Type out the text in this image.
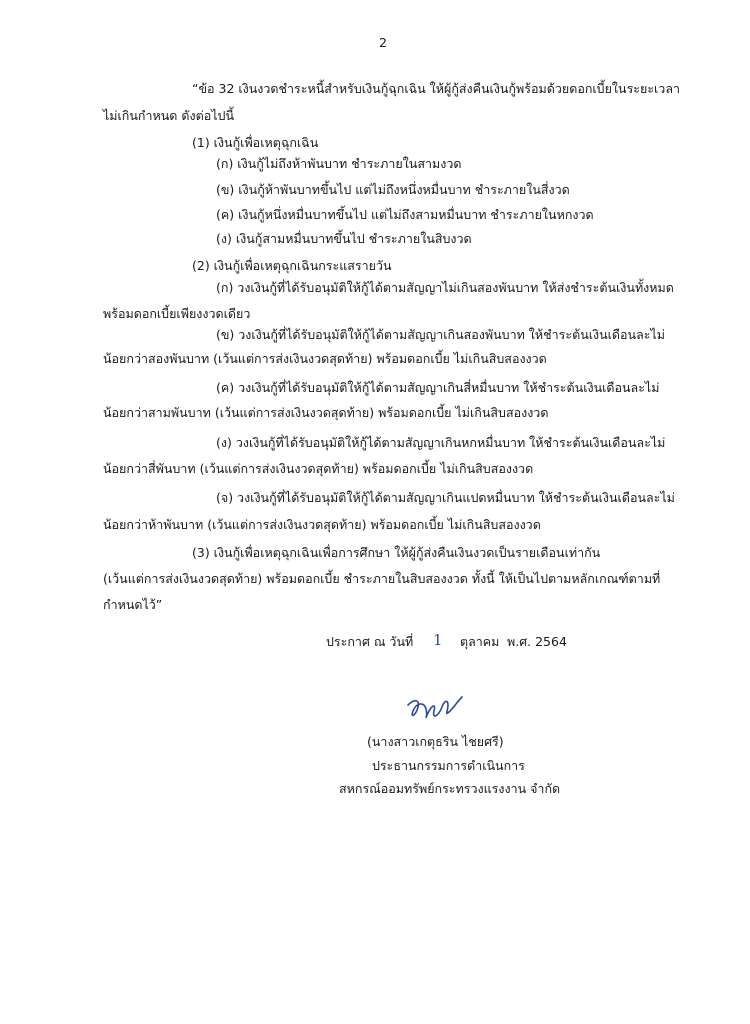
2
“ข้อ 32 เงินงวดชำระหนี้สำหรับเงินกู้ฉุกเฉิน ให้ผู้กู้ส่งคืนเงินกู้พร้อมด้วยดอกเบี้ยในระยะเวลา
ไม่เกินกำหนด ดังต่อไปนี้
(1) เงินกู้เพื่อเหตุฉุกเฉิน
(ก) เงินกู้ไม่ถึงห้าพันบาท ชำระภายในสามงวด
(ข) เงินกู้ห้าพันบาทขึ้นไป แต่ไม่ถึงหนึ่งหมื่นบาท ชำระภายในสี่งวด
(ค) เงินกู้หนึ่งหมื่นบาทขึ้นไป แต่ไม่ถึงสามหมื่นบาท ชำระภายในหกงวด
(ง) เงินกู้สามหมื่นบาทขึ้นไป ชำระภายในสิบงวด
(2) เงินกู้เพื่อเหตุฉุกเฉินกระแสรายวัน
(ก) วงเงินกู้ที่ได้รับอนุมัติให้กู้ได้ตามสัญญาไม่เกินสองพันบาท ให้ส่งชำระต้นเงินทั้งหมด
พร้อมดอกเบี้ยเพียงงวดเดียว
(ข) วงเงินกู้ที่ได้รับอนุมัติให้กู้ได้ตามสัญญาเกินสองพันบาท ให้ชำระต้นเงินเดือนละไม่
น้อยกว่าสองพันบาท (เว้นแต่การส่งเงินงวดสุดท้าย) พร้อมดอกเบี้ย ไม่เกินสิบสองงวด
(ค) วงเงินกู้ที่ได้รับอนุมัติให้กู้ได้ตามสัญญาเกินสี่หมื่นบาท ให้ชำระต้นเงินเดือนละไม่
น้อยกว่าสามพันบาท (เว้นแต่การส่งเงินงวดสุดท้าย) พร้อมดอกเบี้ย ไม่เกินสิบสองงวด
(ง) วงเงินกู้ที่ได้รับอนุมัติให้กู้ได้ตามสัญญาเกินหกหมื่นบาท ให้ชำระต้นเงินเดือนละไม่
น้อยกว่าสี่พันบาท (เว้นแต่การส่งเงินงวดสุดท้าย) พร้อมดอกเบี้ย ไม่เกินสิบสองงวด
(จ) วงเงินกู้ที่ได้รับอนุมัติให้กู้ได้ตามสัญญาเกินแปดหมื่นบาท ให้ชำระต้นเงินเดือนละไม่
น้อยกว่าห้าพันบาท (เว้นแต่การส่งเงินงวดสุดท้าย) พร้อมดอกเบี้ย ไม่เกินสิบสองงวด
(3) เงินกู้เพื่อเหตุฉุกเฉินเพื่อการศึกษา ให้ผู้กู้ส่งคืนเงินงวดเป็นรายเดือนเท่ากัน
(เว้นแต่การส่งเงินงวดสุดท้าย) พร้อมดอกเบี้ย ชำระภายในสิบสองงวด ทั้งนี้ ให้เป็นไปตามหลักเกณฑ์ตามที่
กำหนดไว้”
ประกาศ ณ วันที่ 1 ตุลาคม พ.ศ. 2564
(นางสาวเกตุธริน ไชยศรี)
ประธานกรรมการดำเนินการ
สหกรณ์ออมทรัพย์กระทรวงแรงงาน จำกัด
